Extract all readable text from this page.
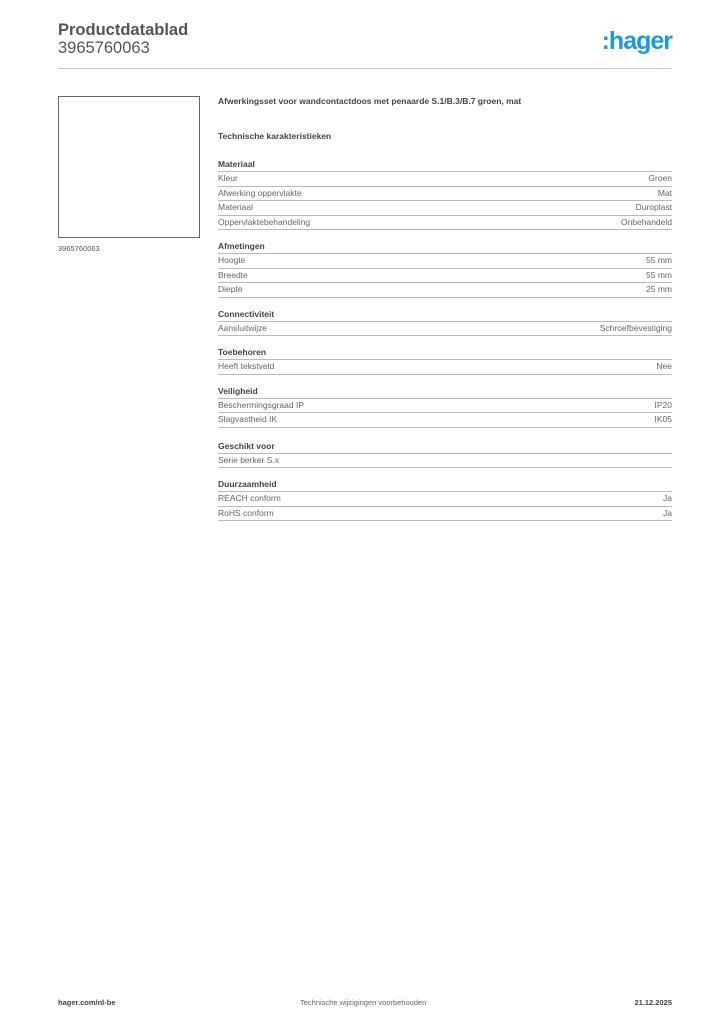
Productdatablad
3965760063	:hager
3965760063
Afwerkingsset voor wandcontactdoos met penaarde S.1/B.3/B.7 groen, mat
Technische karakteristieken
Materiaal
Kleur	Groen
Afwerking oppervlakte	Mat
Materiaal	Duroplast
Oppervlaktebehandeling	Onbehandeld
Afmetingen
Hoogte	55 mm
Breedte	55 mm
Diepte	25 mm
Connectiviteit
Aansluitwijze	Schroefbevestiging
Toebehoren
Heeft tekstveld	Nee
Veiligheid
Beschermingsgraad IP	IP20
Slagvastheid IK	IK05
Geschikt voor
Serie berker S.x
Duurzaamheid
REACH conform	Ja
RoHS conform	Ja
hager.com/nl-be	Technische wijzigingen voorbehouden	21.12.2025
